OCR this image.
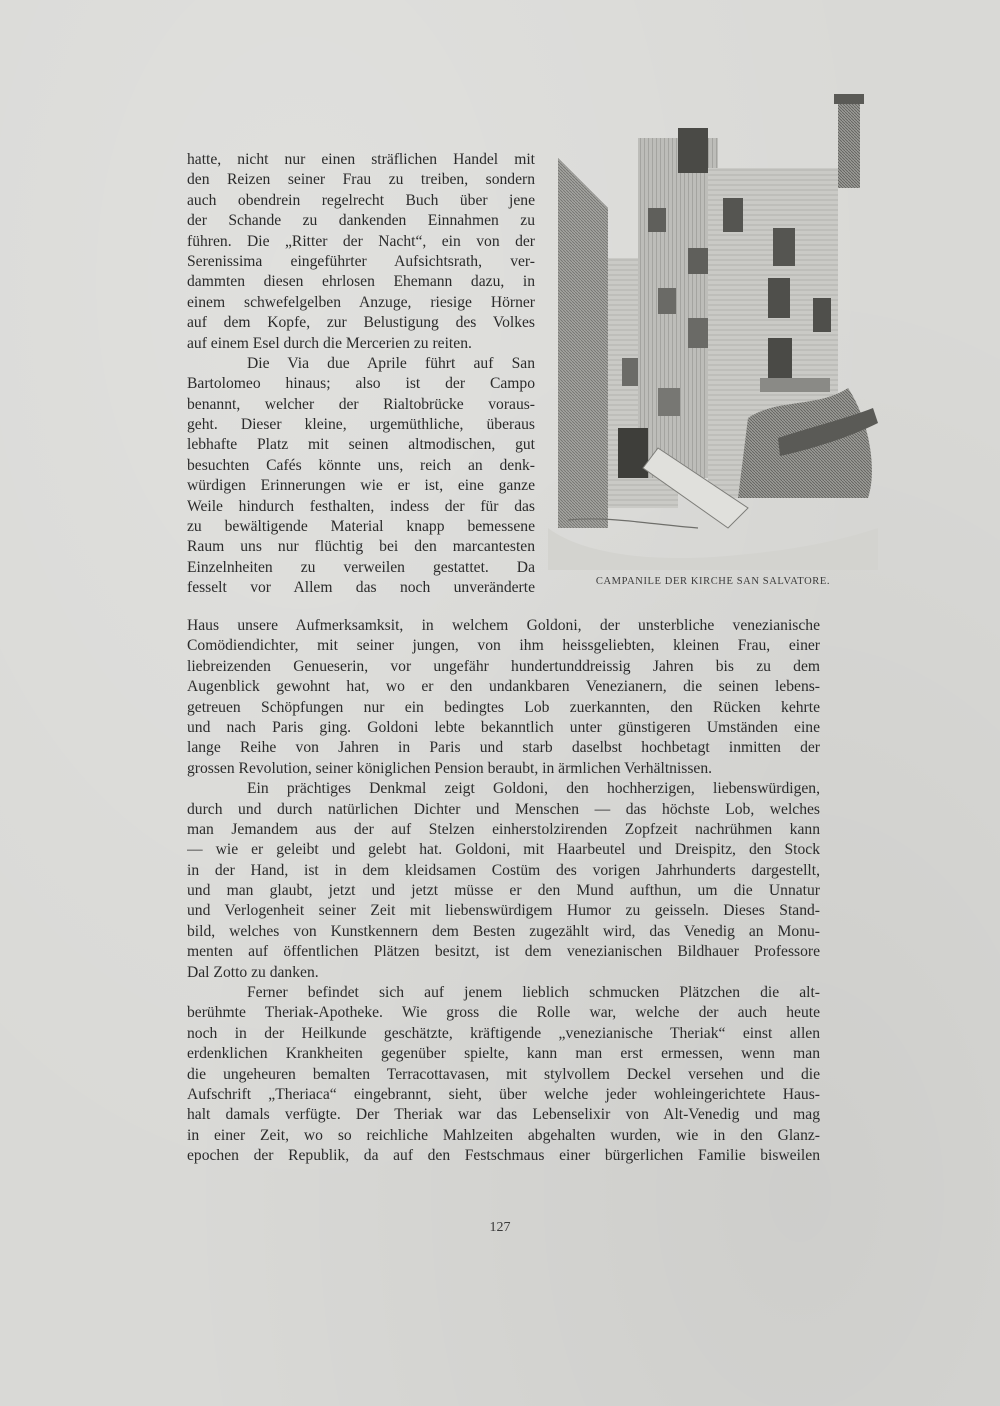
hatte, nicht nur einen sträflichen Handel mit
den Reizen seiner Frau zu treiben, sondern
auch obendrein regelrecht Buch über jene
der Schande zu dankenden Einnahmen zu
führen. Die „Ritter der Nacht“, ein von der
Serenissima eingeführter Aufsichtsrath, ver-
dammten diesen ehrlosen Ehemann dazu, in
einem schwefelgelben Anzuge, riesige Hörner
auf dem Kopfe, zur Belustigung des Volkes
auf einem Esel durch die Mercerien zu reiten.
Die Via due Aprile führt auf San
Bartolomeo hinaus; also ist der Campo
benannt, welcher der Rialtobrücke voraus-
geht. Dieser kleine, urgemüthliche, überaus
lebhafte Platz mit seinen altmodischen, gut
besuchten Cafés könnte uns, reich an denk-
würdigen Erinnerungen wie er ist, eine ganze
Weile hindurch festhalten, indess der für das
zu bewältigende Material knapp bemessene
Raum uns nur flüchtig bei den marcantesten
Einzelnheiten zu verweilen gestattet. Da
fesselt vor Allem das noch unveränderte	CAMPANILE DER KIRCHE SAN SALVATORE.
Haus unsere Aufmerksamksit, in welchem Goldoni, der unsterbliche venezianische
Comödiendichter, mit seiner jungen, von ihm heissgeliebten, kleinen Frau, einer
liebreizenden Genueserin, vor ungefähr hundertunddreissig Jahren bis zu dem
Augenblick gewohnt hat, wo er den undankbaren Venezianern, die seinen lebens-
getreuen Schöpfungen nur ein bedingtes Lob zuerkannten, den Rücken kehrte
und nach Paris ging. Goldoni lebte bekanntlich unter günstigeren Umständen eine
lange Reihe von Jahren in Paris und starb daselbst hochbetagt inmitten der
grossen Revolution, seiner königlichen Pension beraubt, in ärmlichen Verhältnissen.
Ein prächtiges Denkmal zeigt Goldoni, den hochherzigen, liebenswürdigen,
durch und durch natürlichen Dichter und Menschen — das höchste Lob, welches
man Jemandem aus der auf Stelzen einherstolzirenden Zopfzeit nachrühmen kann
— wie er geleibt und gelebt hat. Goldoni, mit Haarbeutel und Dreispitz, den Stock
in der Hand, ist in dem kleidsamen Costüm des vorigen Jahrhunderts dargestellt,
und man glaubt, jetzt und jetzt müsse er den Mund aufthun, um die Unnatur
und Verlogenheit seiner Zeit mit liebenswürdigem Humor zu geisseln. Dieses Stand-
bild, welches von Kunstkennern dem Besten zugezählt wird, das Venedig an Monu-
menten auf öffentlichen Plätzen besitzt, ist dem venezianischen Bildhauer Professore
Dal Zotto zu danken.
Ferner befindet sich auf jenem lieblich schmucken Plätzchen die alt-
berühmte Theriak-Apotheke. Wie gross die Rolle war, welche der auch heute
noch in der Heilkunde geschätzte, kräftigende „venezianische Theriak“ einst allen
erdenklichen Krankheiten gegenüber spielte, kann man erst ermessen, wenn man
die ungeheuren bemalten Terracottavasen, mit stylvollem Deckel versehen und die
Aufschrift „Theriaca“ eingebrannt, sieht, über welche jeder wohleingerichtete Haus-
halt damals verfügte. Der Theriak war das Lebenselixir von Alt-Venedig und mag
in einer Zeit, wo so reichliche Mahlzeiten abgehalten wurden, wie in den Glanz-
epochen der Republik, da auf den Festschmaus einer bürgerlichen Familie bisweilen
127
